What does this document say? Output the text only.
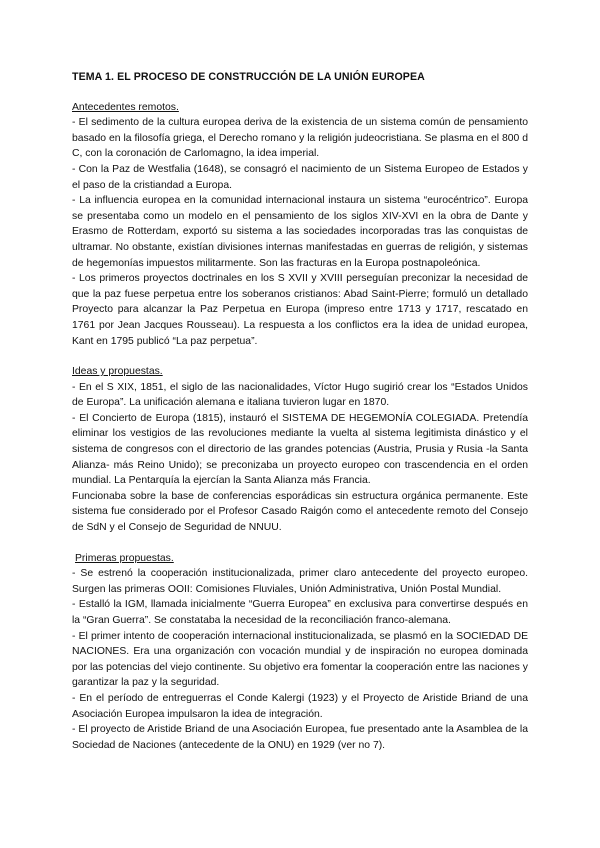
TEMA 1. EL PROCESO DE CONSTRUCCIÓN DE LA UNIÓN EUROPEA

Antecedentes remotos.

- El sedimento de la cultura europea deriva de la existencia de un sistema común de pensamiento basado en la filosofía griega, el Derecho romano y la religión judeocristiana. Se plasma en el 800 d C, con la coronación de Carlomagno, la idea imperial.

- Con la Paz de Westfalia (1648), se consagró el nacimiento de un Sistema Europeo de Estados y el paso de la cristiandad a Europa.

- La influencia europea en la comunidad internacional instaura un sistema “eurocéntrico”. Europa se presentaba como un modelo en el pensamiento de los siglos XIV-XVI en la obra de Dante y Erasmo de Rotterdam, exportó su sistema a las sociedades incorporadas tras las conquistas de ultramar. No obstante, existían divisiones internas manifestadas en guerras de religión, y sistemas de hegemonías impuestos militarmente. Son las fracturas en la Europa postnapoleónica.

- Los primeros proyectos doctrinales en los S XVII y XVIII perseguían preconizar la necesidad de que la paz fuese perpetua entre los soberanos cristianos: Abad Saint-Pierre; formuló un detallado Proyecto para alcanzar la Paz Perpetua en Europa (impreso entre 1713 y 1717, rescatado en 1761 por Jean Jacques Rousseau). La respuesta a los conflictos era la idea de unidad europea, Kant en 1795 publicó “La paz perpetua”.

Ideas y propuestas.

- En el S XIX, 1851, el siglo de las nacionalidades, Víctor Hugo sugirió crear los “Estados Unidos de Europa”. La unificación alemana e italiana tuvieron lugar en 1870.

- El Concierto de Europa (1815), instauró el SISTEMA DE HEGEMONÍA COLEGIADA. Pretendía eliminar los vestigios de las revoluciones mediante la vuelta al sistema legitimista dinástico y el sistema de congresos con el directorio de las grandes potencias (Austria, Prusia y Rusia -la Santa Alianza- más Reino Unido); se preconizaba un proyecto europeo con trascendencia en el orden mundial. La Pentarquía la ejercían la Santa Alianza más Francia.

Funcionaba sobre la base de conferencias esporádicas sin estructura orgánica permanente. Este sistema fue considerado por el Profesor Casado Raigón como el antecedente remoto del Consejo de SdN y el Consejo de Seguridad de NNUU.

Primeras propuestas.

- Se estrenó la cooperación institucionalizada, primer claro antecedente del proyecto europeo. Surgen las primeras OOII: Comisiones Fluviales, Unión Administrativa, Unión Postal Mundial.

- Estalló la IGM, llamada inicialmente “Guerra Europea” en exclusiva para convertirse después en la “Gran Guerra”. Se constataba la necesidad de la reconciliación franco-alemana.

- El primer intento de cooperación internacional institucionalizada, se plasmó en la SOCIEDAD DE NACIONES. Era una organización con vocación mundial y de inspiración no europea dominada por las potencias del viejo continente. Su objetivo era fomentar la cooperación entre las naciones y garantizar la paz y la seguridad.

- En el período de entreguerras el Conde Kalergi (1923) y el Proyecto de Aristide Briand de una Asociación Europea impulsaron la idea de integración.

- El proyecto de Aristide Briand de una Asociación Europea, fue presentado ante la Asamblea de la Sociedad de Naciones (antecedente de la ONU) en 1929 (ver no 7).
